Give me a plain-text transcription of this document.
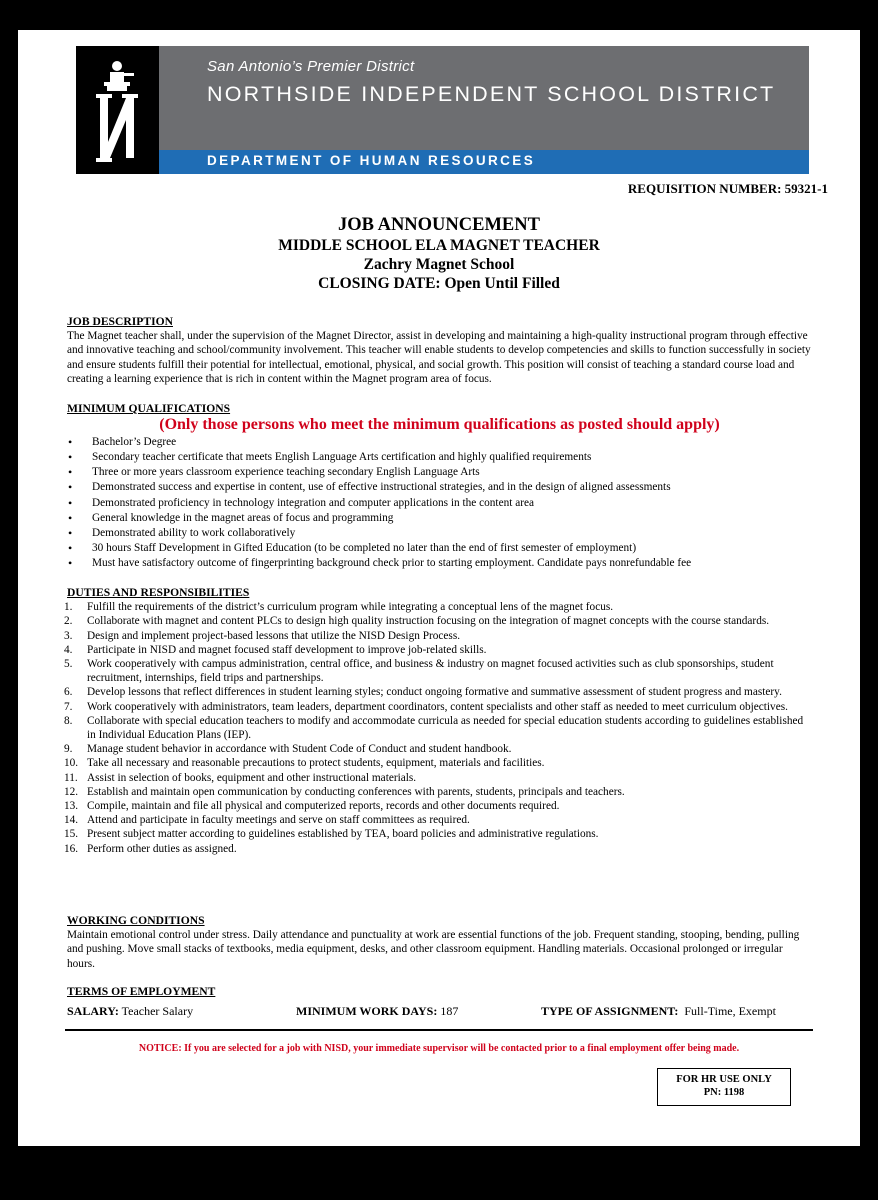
San Antonio’s Premier District
NORTHSIDE INDEPENDENT SCHOOL DISTRICT
DEPARTMENT OF HUMAN RESOURCES
REQUISITION NUMBER: 59321-1
JOB ANNOUNCEMENT
MIDDLE SCHOOL ELA MAGNET TEACHER
Zachry Magnet School
CLOSING DATE: Open Until Filled

JOB DESCRIPTION

The Magnet teacher shall, under the supervision of the Magnet Director, assist in developing and maintaining a high-quality instructional program through effective and innovative teaching and school/community involvement. This teacher will enable students to develop competencies and skills to function successfully in society and ensure students fulfill their potential for intellectual, emotional, physical, and social growth. This position will consist of teaching a standard course load and creating a learning experience that is rich in content within the Magnet program area of focus.

MINIMUM QUALIFICATIONS

(Only those persons who meet the minimum qualifications as posted should apply)

• Bachelor’s Degree
• Secondary teacher certificate that meets English Language Arts certification and highly qualified requirements
• Three or more years classroom experience teaching secondary English Language Arts
• Demonstrated success and expertise in content, use of effective instructional strategies, and in the design of aligned assessments
• Demonstrated proficiency in technology integration and computer applications in the content area
• General knowledge in the magnet areas of focus and programming
• Demonstrated ability to work collaboratively
• 30 hours Staff Development in Gifted Education (to be completed no later than the end of first semester of employment)
• Must have satisfactory outcome of fingerprinting background check prior to starting employment. Candidate pays nonrefundable fee

DUTIES AND RESPONSIBILITIES

1. Fulfill the requirements of the district’s curriculum program while integrating a conceptual lens of the magnet focus.
2. Collaborate with magnet and content PLCs to design high quality instruction focusing on the integration of magnet concepts with the course standards.
3. Design and implement project-based lessons that utilize the NISD Design Process.
4. Participate in NISD and magnet focused staff development to improve job-related skills.
5. Work cooperatively with campus administration, central office, and business & industry on magnet focused activities such as club sponsorships, student recruitment, internships, field trips and partnerships.
6. Develop lessons that reflect differences in student learning styles; conduct ongoing formative and summative assessment of student progress and mastery.
7. Work cooperatively with administrators, team leaders, department coordinators, content specialists and other staff as needed to meet curriculum objectives.
8. Collaborate with special education teachers to modify and accommodate curricula as needed for special education students according to guidelines established in Individual Education Plans (IEP).
9. Manage student behavior in accordance with Student Code of Conduct and student handbook.
10. Take all necessary and reasonable precautions to protect students, equipment, materials and facilities.
11. Assist in selection of books, equipment and other instructional materials.
12. Establish and maintain open communication by conducting conferences with parents, students, principals and teachers.
13. Compile, maintain and file all physical and computerized reports, records and other documents required.
14. Attend and participate in faculty meetings and serve on staff committees as required.
15. Present subject matter according to guidelines established by TEA, board policies and administrative regulations.
16. Perform other duties as assigned.

WORKING CONDITIONS

Maintain emotional control under stress. Daily attendance and punctuality at work are essential functions of the job. Frequent standing, stooping, bending, pulling and pushing. Move small stacks of textbooks, media equipment, desks, and other classroom equipment. Handling materials. Occasional prolonged or irregular hours.

TERMS OF EMPLOYMENT

SALARY: Teacher Salary	MINIMUM WORK DAYS: 187	TYPE OF ASSIGNMENT: Full-Time, Exempt
NOTICE: If you are selected for a job with NISD, your immediate supervisor will be contacted prior to a final employment offer being made.
FOR HR USE ONLY
PN: 1198
